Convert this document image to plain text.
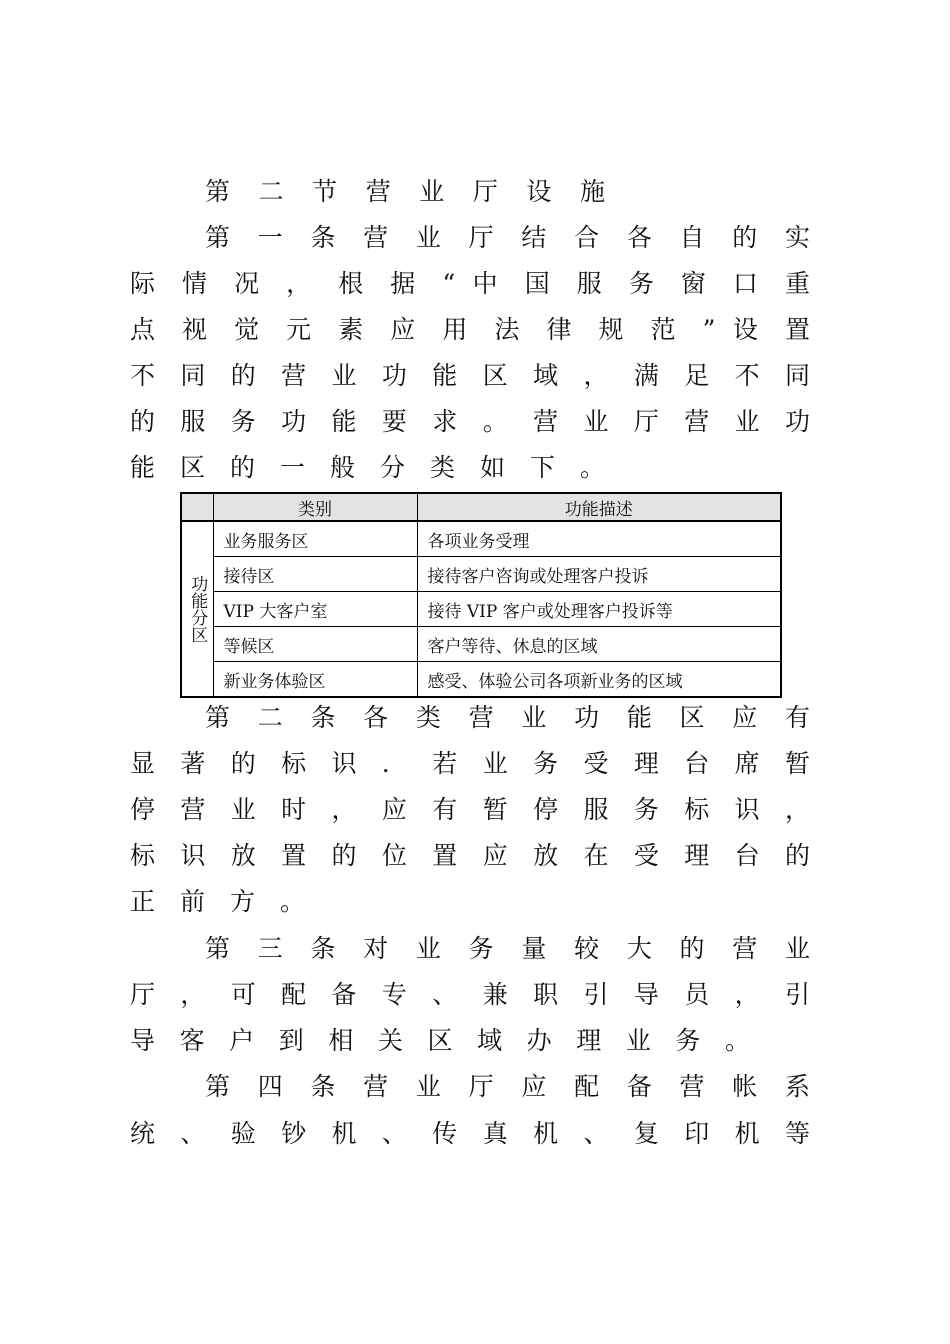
第 二 节 营 业 厅 设 施
第 一 条 营 业 厅 结 合 各 自 的 实
际 情 况 ， 根 据 “ 中 国 服 务 窗 口 重
点 视 觉 元 素 应 用 法 律 规 范 ” 设 置
不 同 的 营 业 功 能 区 域 ， 满 足 不 同
的 服 务 功 能 要 求 。 营 业 厅 营 业 功
能区的一般分类如下。
	类别	功能描述
功能分区	业务服务区	各项业务受理
	接待区	接待客户咨询或处理客户投诉
	VIP 大客户室	接待 VIP 客户或处理客户投诉等
	等候区	客户等待、休息的区域
	新业务体验区	感受、体验公司各项新业务的区域
第 二 条 各 类 营 业 功 能 区 应 有
显 著 的 标 识 ． 若 业 务 受 理 台 席 暂
停 营 业 时 ， 应 有 暂 停 服 务 标 识 ，
标 识 放 置 的 位 置 应 放 在 受 理 台 的
正前方。
第 三 条 对 业 务 量 较 大 的 营 业
厅 ， 可 配 备 专 、 兼 职 引 导 员 ， 引
导 客 户 到 相 关 区 域 办 理 业 务 。
第 四 条 营 业 厅 应 配 备 营 帐 系
统 、 验 钞 机 、 传 真 机 、 复 印 机 等
